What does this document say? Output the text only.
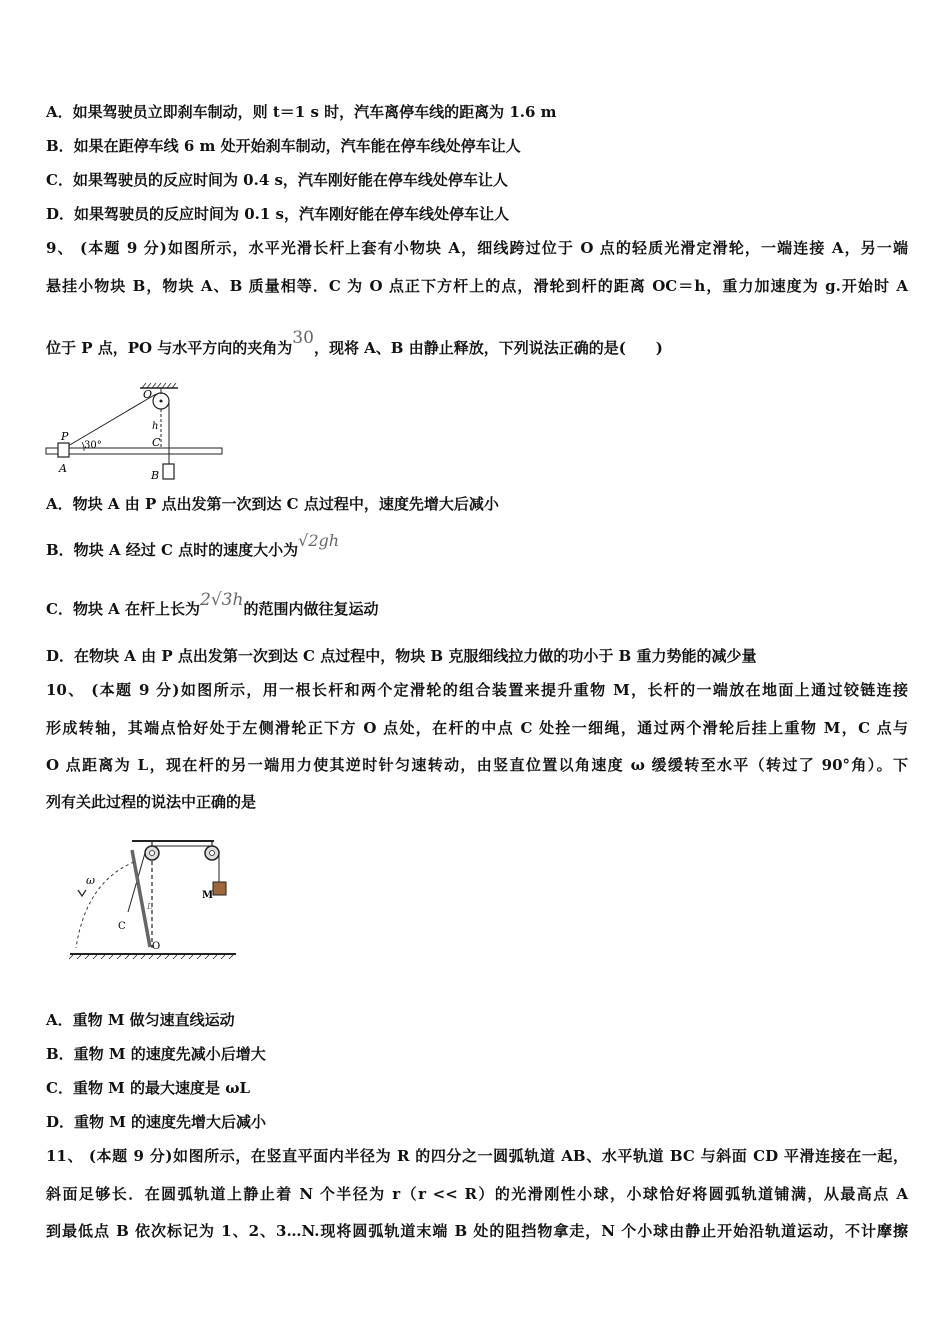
A．如果驾驶员立即刹车制动，则 t＝1 s 时，汽车离停车线的距离为 1.6 m
B．如果在距停车线 6 m 处开始刹车制动，汽车能在停车线处停车让人
C．如果驾驶员的反应时间为 0.4 s，汽车刚好能在停车线处停车让人
D．如果驾驶员的反应时间为 0.1 s，汽车刚好能在停车线处停车让人
9、 (本题 9 分)如图所示，水平光滑长杆上套有小物块 A，细线跨过位于 O 点的轻质光滑定滑轮，一端连接 A，另一端
悬挂小物块 B，物块 A、B 质量相等．C 为 O 点正下方杆上的点，滑轮到杆的距离 OC＝h，重力加速度为 g.开始时 A
位于 P 点，PO 与水平方向的夹角为30，现将 A、B 由静止释放，下列说法正确的是(　　)
O
P
30°
h
C
A
B
A．物块 A 由 P 点出发第一次到达 C 点过程中，速度先增大后减小
B．物块 A 经过 C 点时的速度大小为√2gh
C．物块 A 在杆上长为2√3h的范围内做往复运动
D．在物块 A 由 P 点出发第一次到达 C 点过程中，物块 B 克服细线拉力做的功小于 B 重力势能的减少量
10、 (本题 9 分)如图所示，用一根长杆和两个定滑轮的组合装置来提升重物 M，长杆的一端放在地面上通过铰链连接
形成转轴，其端点恰好处于左侧滑轮正下方 O 点处，在杆的中点 C 处拴一细绳，通过两个滑轮后挂上重物 M，C 点与
O 点距离为 L，现在杆的另一端用力使其逆时针匀速转动，由竖直位置以角速度 ω 缓缓转至水平（转过了 90°角）。下
列有关此过程的说法中正确的是
ω
M
L
C
O
A．重物 M 做匀速直线运动
B．重物 M 的速度先减小后增大
C．重物 M 的最大速度是 ωL
D．重物 M 的速度先增大后减小
11、 (本题 9 分)如图所示，在竖直平面内半径为 R 的四分之一圆弧轨道 AB、水平轨道 BC 与斜面 CD 平滑连接在一起，
斜面足够长．在圆弧轨道上静止着 N 个半径为 r（r << R）的光滑刚性小球，小球恰好将圆弧轨道铺满，从最高点 A
到最低点 B 依次标记为 1、2、3…N.现将圆弧轨道末端 B 处的阻挡物拿走，N 个小球由静止开始沿轨道运动，不计摩擦
